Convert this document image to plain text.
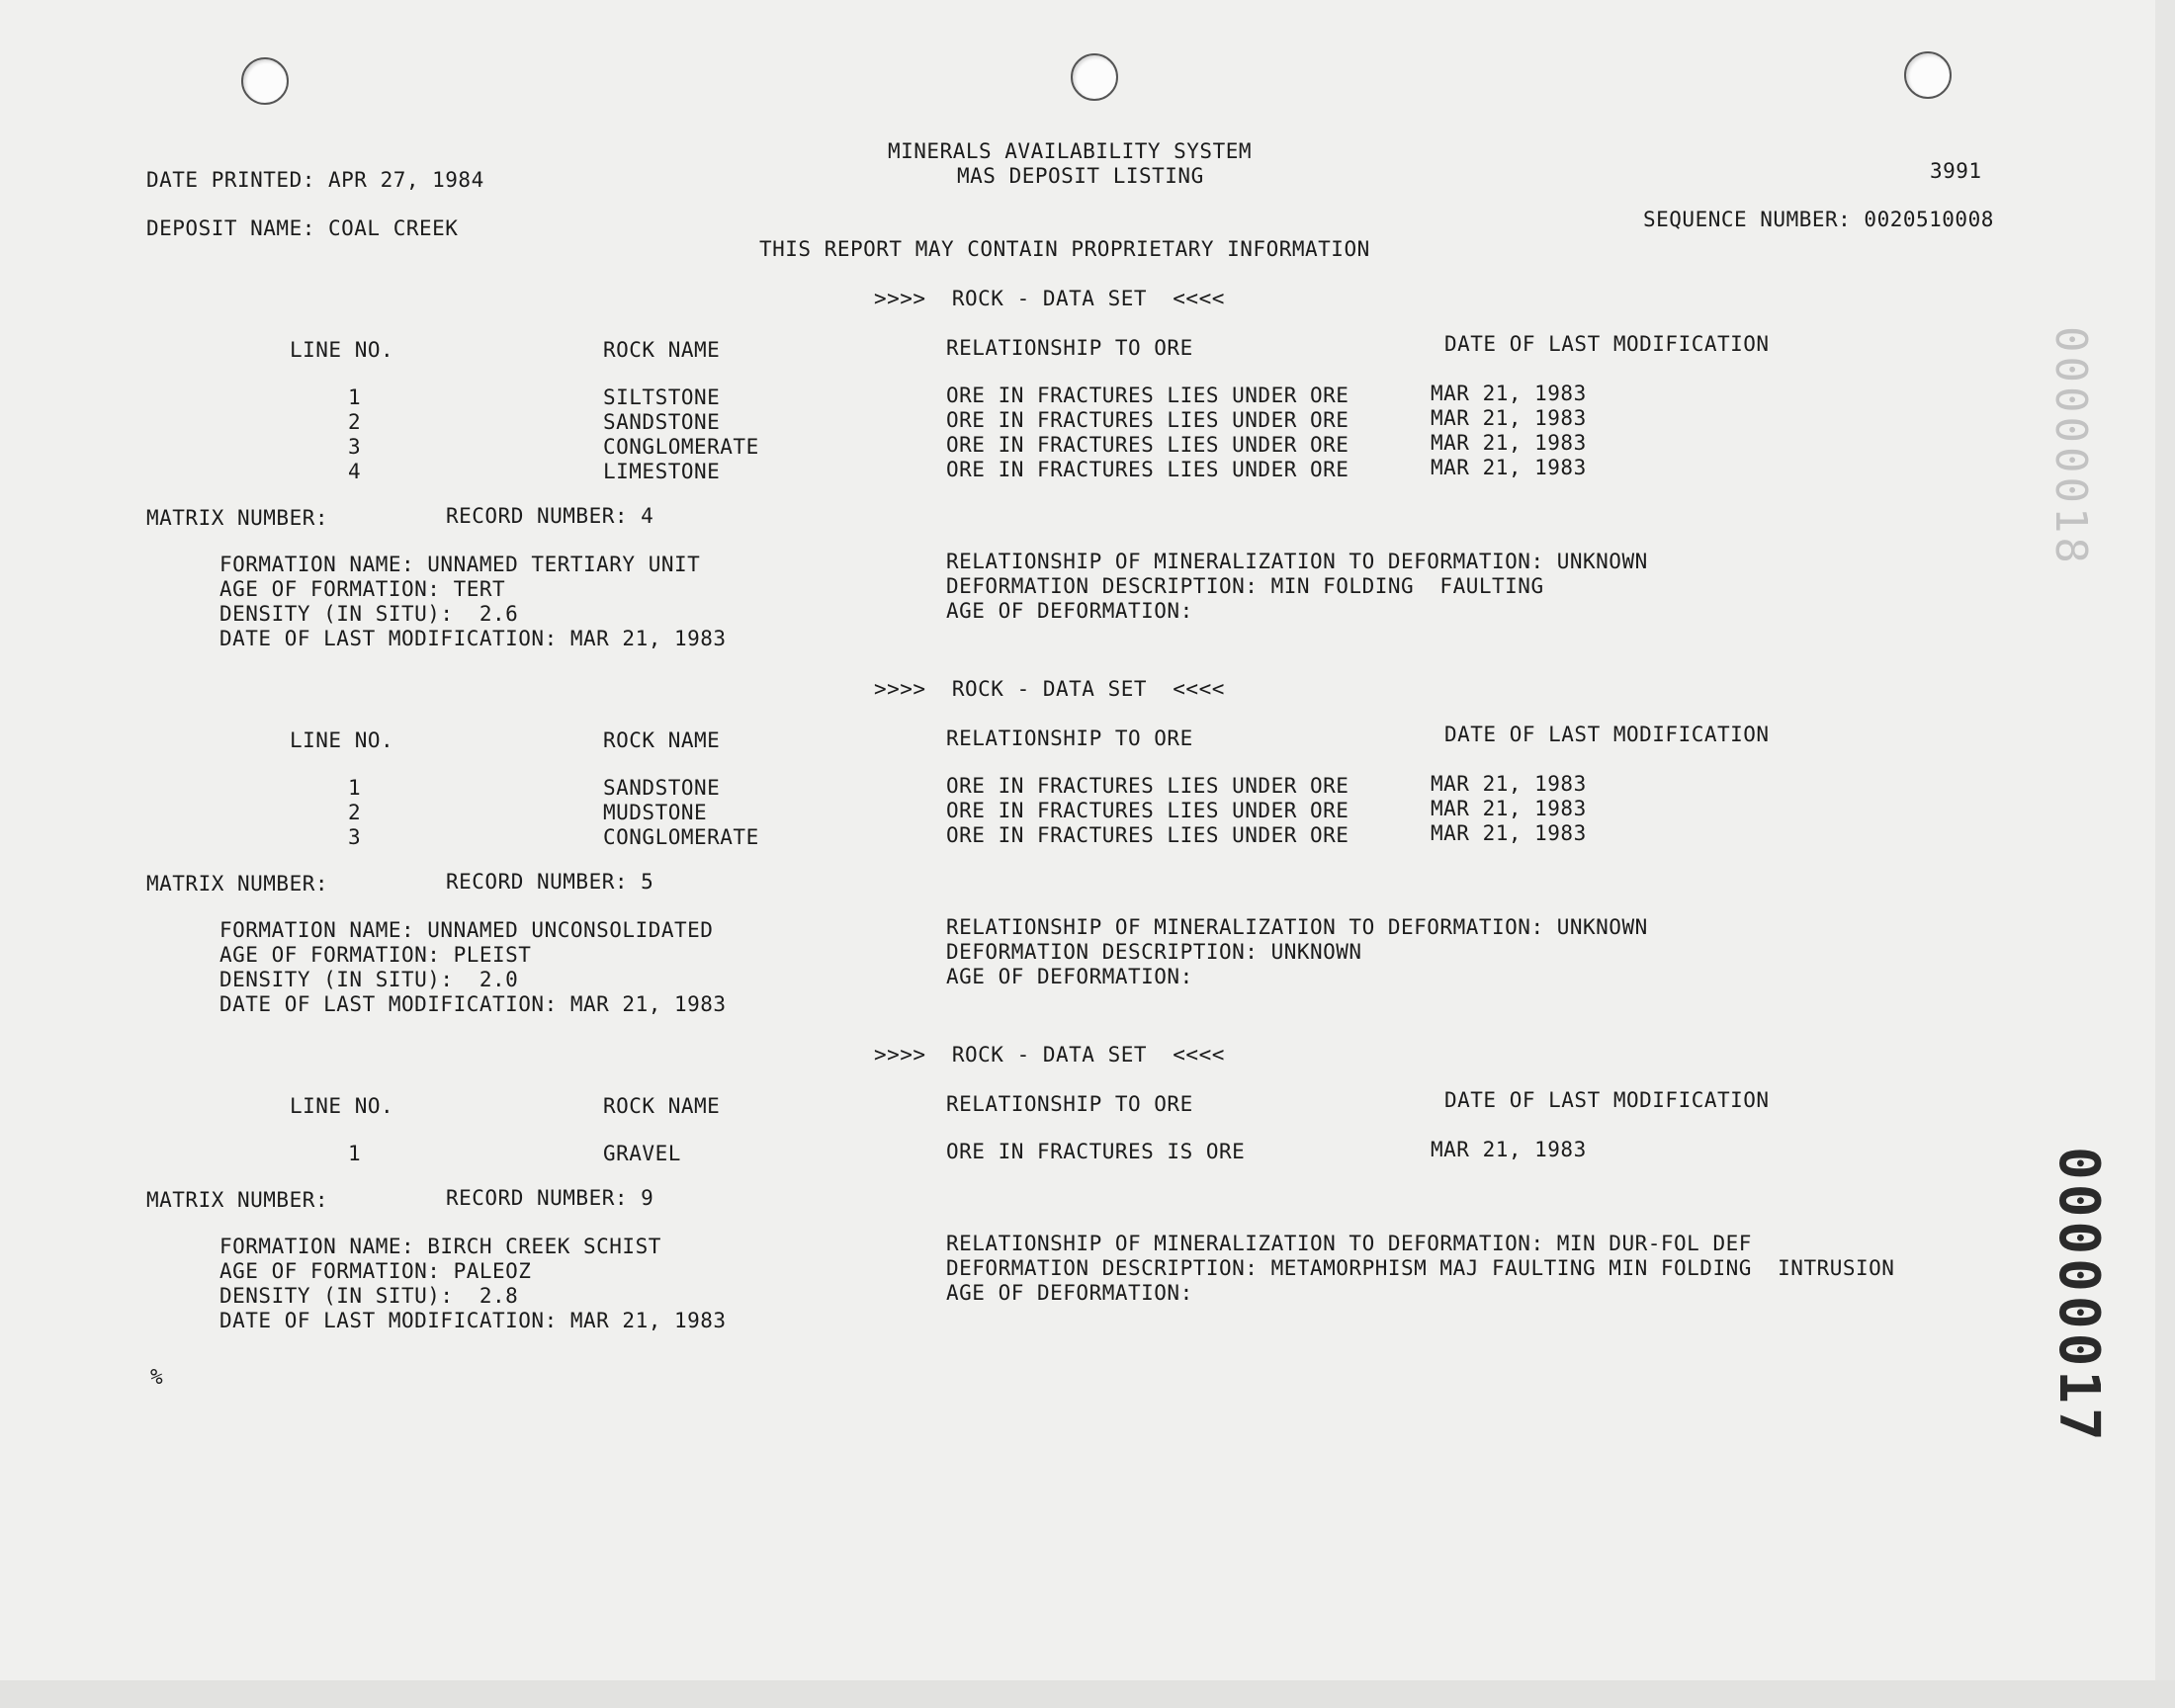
MINERALS AVAILABILITY SYSTEM
MAS DEPOSIT LISTING
DATE PRINTED: APR 27, 1984	3991
DEPOSIT NAME: COAL CREEK	SEQUENCE NUMBER: 0020510008
THIS REPORT MAY CONTAIN PROPRIETARY INFORMATION
>>>>  ROCK - DATA SET  <<<<
LINE NO.	ROCK NAME	RELATIONSHIP TO ORE	DATE OF LAST MODIFICATION
1	SILTSTONE	ORE IN FRACTURES LIES UNDER ORE	MAR 21, 1983
2	SANDSTONE	ORE IN FRACTURES LIES UNDER ORE	MAR 21, 1983
3	CONGLOMERATE	ORE IN FRACTURES LIES UNDER ORE	MAR 21, 1983
4	LIMESTONE	ORE IN FRACTURES LIES UNDER ORE	MAR 21, 1983
MATRIX NUMBER:	RECORD NUMBER: 4
FORMATION NAME: UNNAMED TERTIARY UNIT
AGE OF FORMATION: TERT
DENSITY (IN SITU):  2.6
DATE OF LAST MODIFICATION: MAR 21, 1983
RELATIONSHIP OF MINERALIZATION TO DEFORMATION: UNKNOWN
DEFORMATION DESCRIPTION: MIN FOLDING  FAULTING
AGE OF DEFORMATION:
>>>>  ROCK - DATA SET  <<<<
LINE NO.	ROCK NAME	RELATIONSHIP TO ORE	DATE OF LAST MODIFICATION
1	SANDSTONE	ORE IN FRACTURES LIES UNDER ORE	MAR 21, 1983
2	MUDSTONE	ORE IN FRACTURES LIES UNDER ORE	MAR 21, 1983
3	CONGLOMERATE	ORE IN FRACTURES LIES UNDER ORE	MAR 21, 1983
MATRIX NUMBER:	RECORD NUMBER: 5
FORMATION NAME: UNNAMED UNCONSOLIDATED
AGE OF FORMATION: PLEIST
DENSITY (IN SITU):  2.0
DATE OF LAST MODIFICATION: MAR 21, 1983
RELATIONSHIP OF MINERALIZATION TO DEFORMATION: UNKNOWN
DEFORMATION DESCRIPTION: UNKNOWN
AGE OF DEFORMATION:
>>>>  ROCK - DATA SET  <<<<
LINE NO.	ROCK NAME	RELATIONSHIP TO ORE	DATE OF LAST MODIFICATION
1	GRAVEL	ORE IN FRACTURES IS ORE	MAR 21, 1983
MATRIX NUMBER:	RECORD NUMBER: 9
FORMATION NAME: BIRCH CREEK SCHIST
AGE OF FORMATION: PALEOZ
DENSITY (IN SITU):  2.8
DATE OF LAST MODIFICATION: MAR 21, 1983
RELATIONSHIP OF MINERALIZATION TO DEFORMATION: MIN DUR-FOL DEF
DEFORMATION DESCRIPTION: METAMORPHISM MAJ FAULTING MIN FOLDING  INTRUSION
AGE OF DEFORMATION:
%
00000018
00000017
